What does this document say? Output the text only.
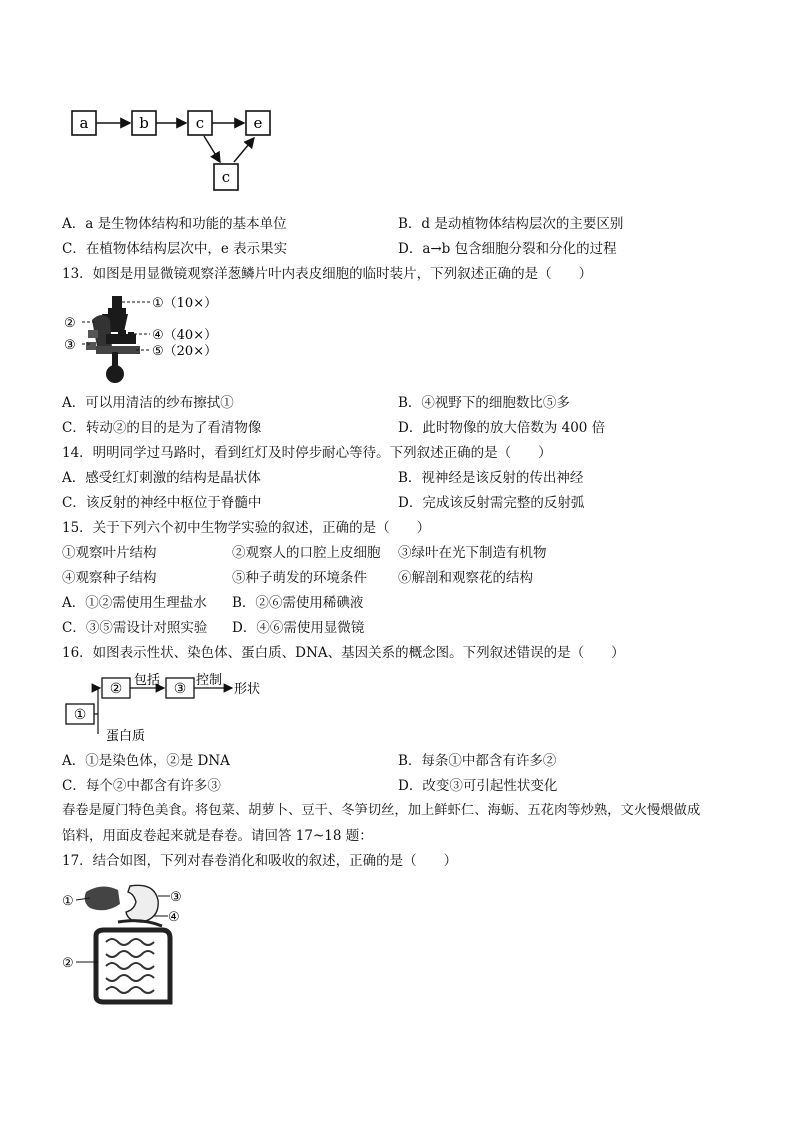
a	b	c	e
c
A．a 是生物体结构和功能的基本单位	B．d 是动植物体结构层次的主要区别
C．在植物体结构层次中，e 表示果实	D．a→b 包含细胞分裂和分化的过程
13．如图是用显微镜观察洋葱鳞片叶内表皮细胞的临时装片，下列叙述正确的是（　　）
①（10×）
②
③
④（40×）
⑤（20×）
A．可以用清洁的纱布擦拭①	B．④视野下的细胞数比⑤多
C．转动②的目的是为了看清物像	D．此时物像的放大倍数为 400 倍
14．明明同学过马路时，看到红灯及时停步耐心等待。下列叙述正确的是（　　）
A．感受红灯刺激的结构是晶状体	B．视神经是该反射的传出神经
C．该反射的神经中枢位于脊髓中	D．完成该反射需完整的反射弧
15．关于下列六个初中生物学实验的叙述，正确的是（　　）
①观察叶片结构	②观察人的口腔上皮细胞 ③绿叶在光下制造有机物
④观察种子结构	⑤种子萌发的环境条件 ⑥解剖和观察花的结构
A．①②需使用生理盐水 B．②⑥需使用稀碘液
C．③⑤需设计对照实验 D．④⑥需使用显微镜
16．如图表示性状、染色体、蛋白质、DNA、基因关系的概念图。下列叙述错误的是（　　）
①
②	③
包括	控制
形状
蛋白质
A．①是染色体，②是 DNA	B．每条①中都含有许多②
C．每个②中都含有许多③	D．改变③可引起性状变化
春卷是厦门特色美食。将包菜、胡萝卜、豆干、冬笋切丝，加上鲜虾仁、海蛎、五花肉等炒熟，文火慢煨做成
馅料，用面皮卷起来就是春卷。请回答 17~18 题：
17．结合如图，下列对春卷消化和吸收的叙述，正确的是（　　）
①	③
④
②
